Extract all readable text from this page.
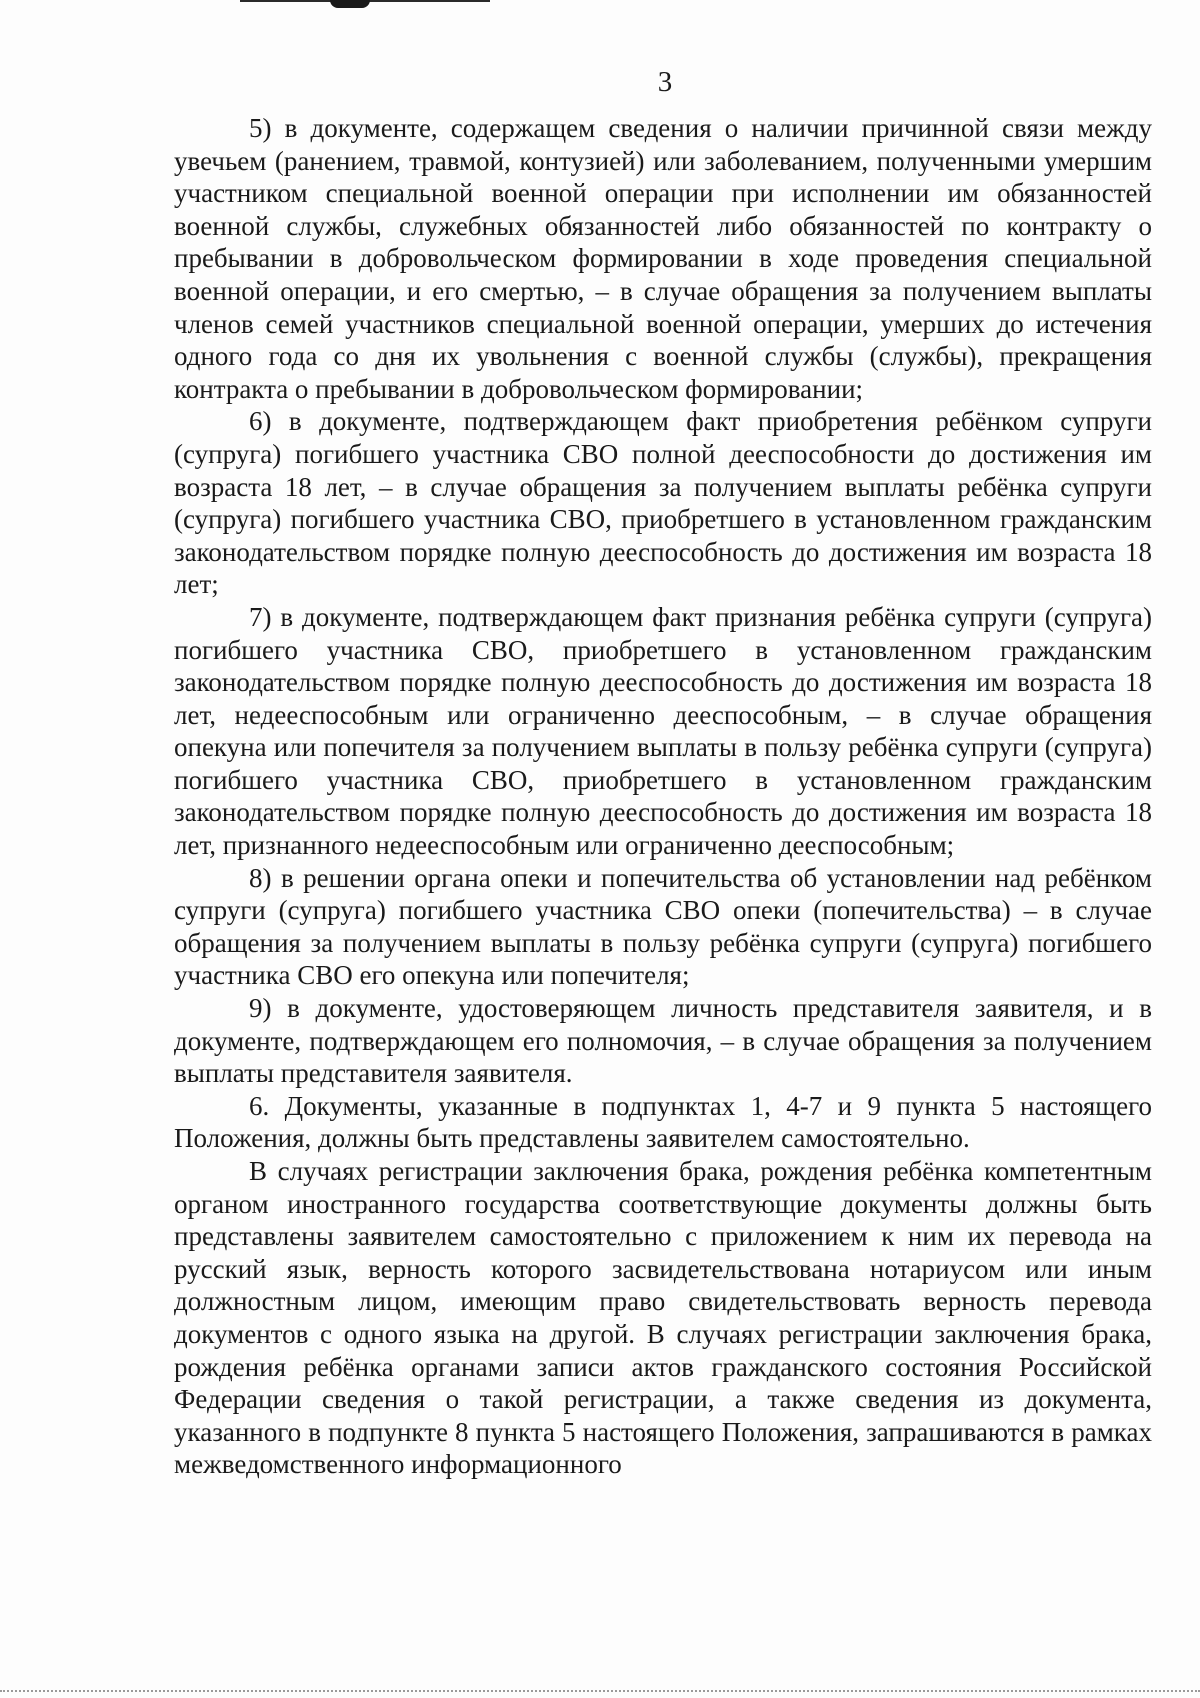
3

5) в документе, содержащем сведения о наличии причинной связи между увечьем (ранением, травмой, контузией) или заболеванием, полученными умершим участником специальной военной операции при исполнении им обязанностей военной службы, служебных обязанностей либо обязанностей по контракту о пребывании в добровольческом формировании в ходе проведения специальной военной операции, и его смертью, – в случае обращения за получением выплаты членов семей участников специальной военной операции, умерших до истечения одного года со дня их увольнения с военной службы (службы), прекращения контракта о пребывании в добровольческом формировании;

6) в документе, подтверждающем факт приобретения ребёнком супруги (супруга) погибшего участника СВО полной дееспособности до достижения им возраста 18 лет, – в случае обращения за получением выплаты ребёнка супруги (супруга) погибшего участника СВО, приобретшего в установленном гражданским законодательством порядке полную дееспособность до достижения им возраста 18 лет;

7) в документе, подтверждающем факт признания ребёнка супруги (супруга) погибшего участника СВО, приобретшего в установленном гражданским законодательством порядке полную дееспособность до достижения им возраста 18 лет, недееспособным или ограниченно дееспособным, – в случае обращения опекуна или попечителя за получением выплаты в пользу ребёнка супруги (супруга) погибшего участника СВО, приобретшего в установленном гражданским законодательством порядке полную дееспособность до достижения им возраста 18 лет, признанного недееспособным или ограниченно дееспособным;

8) в решении органа опеки и попечительства об установлении над ребёнком супруги (супруга) погибшего участника СВО опеки (попечительства) – в случае обращения за получением выплаты в пользу ребёнка супруги (супруга) погибшего участника СВО его опекуна или попечителя;

9) в документе, удостоверяющем личность представителя заявителя, и в документе, подтверждающем его полномочия, – в случае обращения за получением выплаты представителя заявителя.

6. Документы, указанные в подпунктах 1, 4-7 и 9 пункта 5 настоящего Положения, должны быть представлены заявителем самостоятельно.

В случаях регистрации заключения брака, рождения ребёнка компетентным органом иностранного государства соответствующие документы должны быть представлены заявителем самостоятельно с приложением к ним их перевода на русский язык, верность которого засвидетельствована нотариусом или иным должностным лицом, имеющим право свидетельствовать верность перевода документов с одного языка на другой. В случаях регистрации заключения брака, рождения ребёнка органами записи актов гражданского состояния Российской Федерации сведения о такой регистрации, а также сведения из документа, указанного в подпункте 8 пункта 5 настоящего Положения, запрашиваются в рамках межведомственного информационного
